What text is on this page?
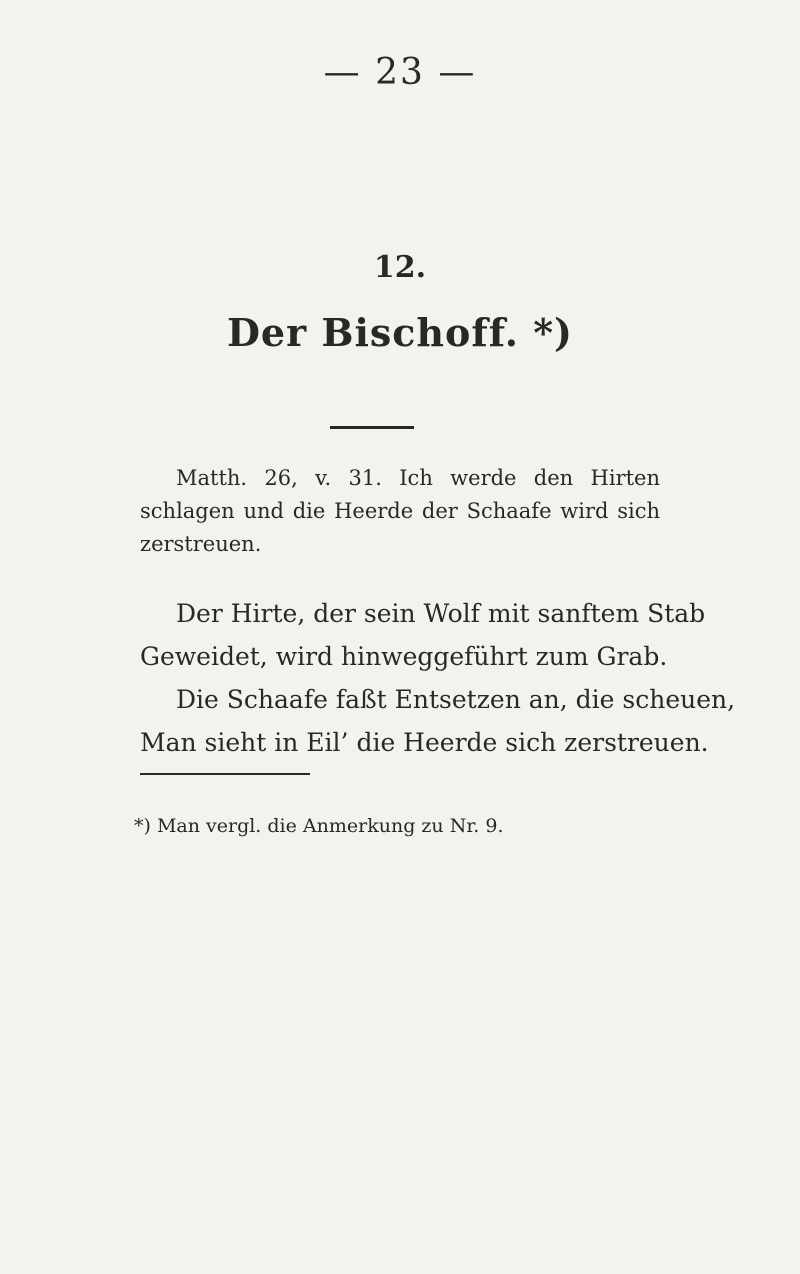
— 23 —
12.
Der Bischoff. *)

Matth. 26, v. 31. Ich werde den Hirten schlagen und die Heerde der Schaafe wird sich zerstreuen.

Der Hirte, der sein Wolf mit sanftem Stab
Geweidet, wird hinweggeführt zum Grab.
Die Schaafe faßt Entsetzen an, die scheuen,
Man sieht in Eil’ die Heerde sich zerstreuen.
*) Man vergl. die Anmerkung zu Nr. 9.
